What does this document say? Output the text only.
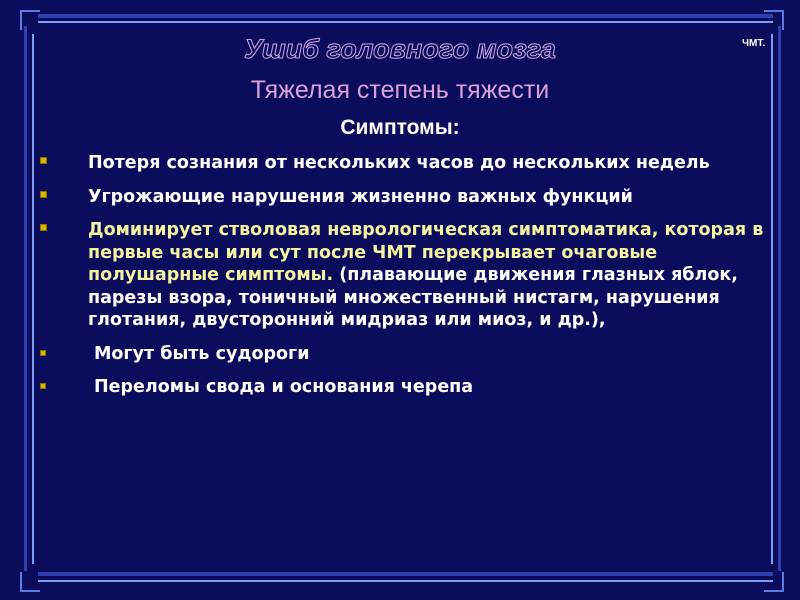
ЧМТ.
Ушиб головного мозга
Тяжелая степень тяжести
Симптомы:
Потеря сознания от нескольких часов до нескольких недель
Угрожающие нарушения жизненно важных функций
Доминирует стволовая неврологическая симптоматика, которая в первые часы или сут после ЧМТ перекрывает очаговые полушарные симптомы. (плавающие движения глазных яблок, парезы взора, тоничный множественный нистагм, нарушения глотания, двусторонний мидриаз или миоз, и др.),
Могут быть судороги
Переломы свода и основания черепа
